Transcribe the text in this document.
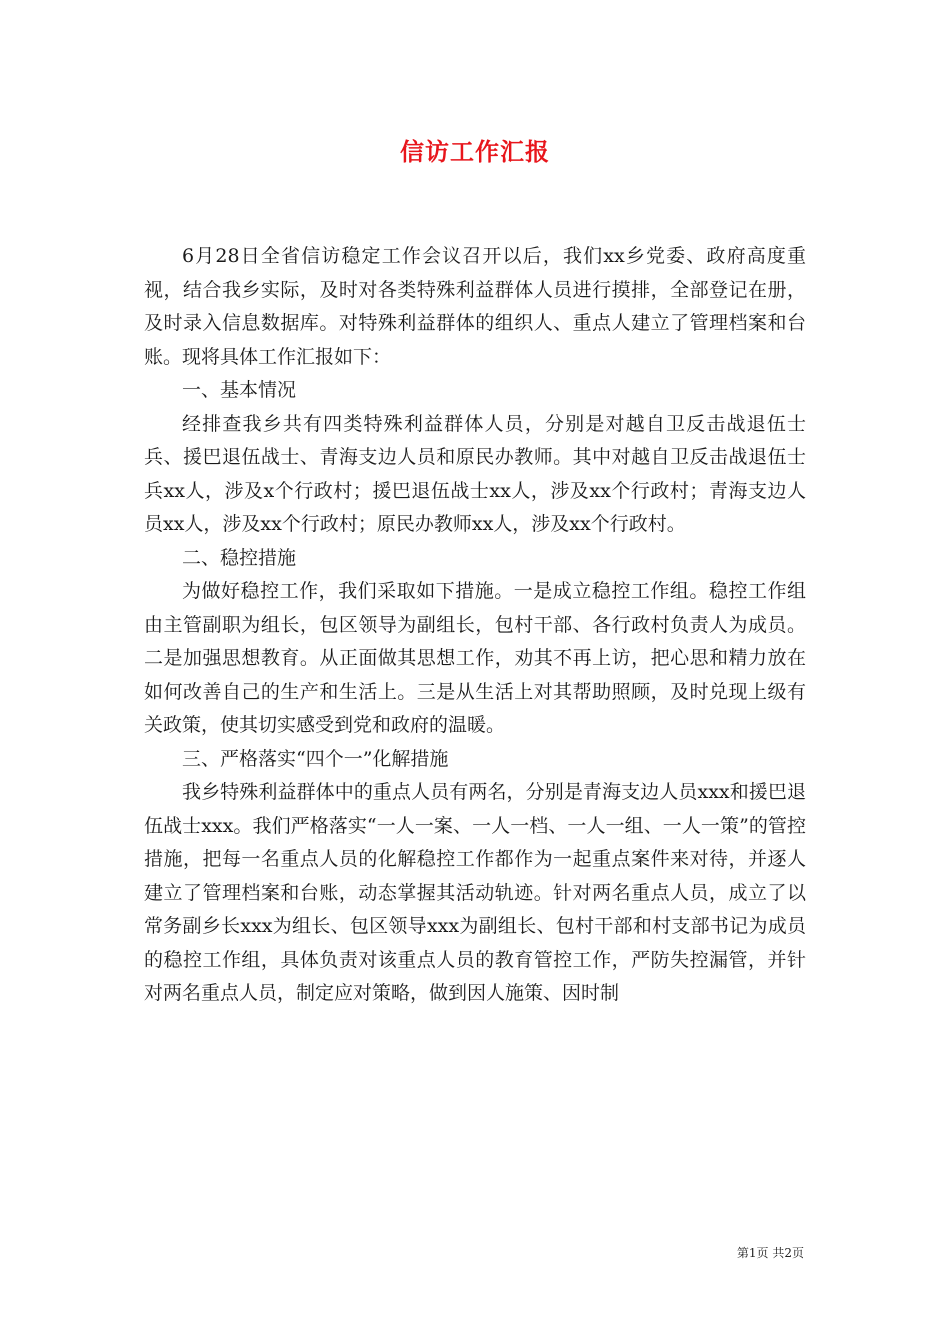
信访工作汇报

6月28日全省信访稳定工作会议召开以后，我们xx乡党委、政府高度重视，结合我乡实际，及时对各类特殊利益群体人员进行摸排，全部登记在册，及时录入信息数据库。对特殊利益群体的组织人、重点人建立了管理档案和台账。现将具体工作汇报如下：

一、基本情况

经排查我乡共有四类特殊利益群体人员，分别是对越自卫反击战退伍士兵、援巴退伍战士、青海支边人员和原民办教师。其中对越自卫反击战退伍士兵xx人，涉及x个行政村；援巴退伍战士xx人，涉及xx个行政村；青海支边人员xx人，涉及xx个行政村；原民办教师xx人，涉及xx个行政村。

二、稳控措施

为做好稳控工作，我们采取如下措施。一是成立稳控工作组。稳控工作组由主管副职为组长，包区领导为副组长，包村干部、各行政村负责人为成员。二是加强思想教育。从正面做其思想工作，劝其不再上访，把心思和精力放在如何改善自己的生产和生活上。三是从生活上对其帮助照顾，及时兑现上级有关政策，使其切实感受到党和政府的温暖。

三、严格落实“四个一”化解措施

我乡特殊利益群体中的重点人员有两名，分别是青海支边人员xxx和援巴退伍战士xxx。我们严格落实“一人一案、一人一档、一人一组、一人一策”的管控措施，把每一名重点人员的化解稳控工作都作为一起重点案件来对待，并逐人建立了管理档案和台账，动态掌握其活动轨迹。针对两名重点人员，成立了以常务副乡长xxx为组长、包区领导xxx为副组长、包村干部和村支部书记为成员的稳控工作组，具体负责对该重点人员的教育管控工作，严防失控漏管，并针对两名重点人员，制定应对策略，做到因人施策、因时制

第1页 共2页
